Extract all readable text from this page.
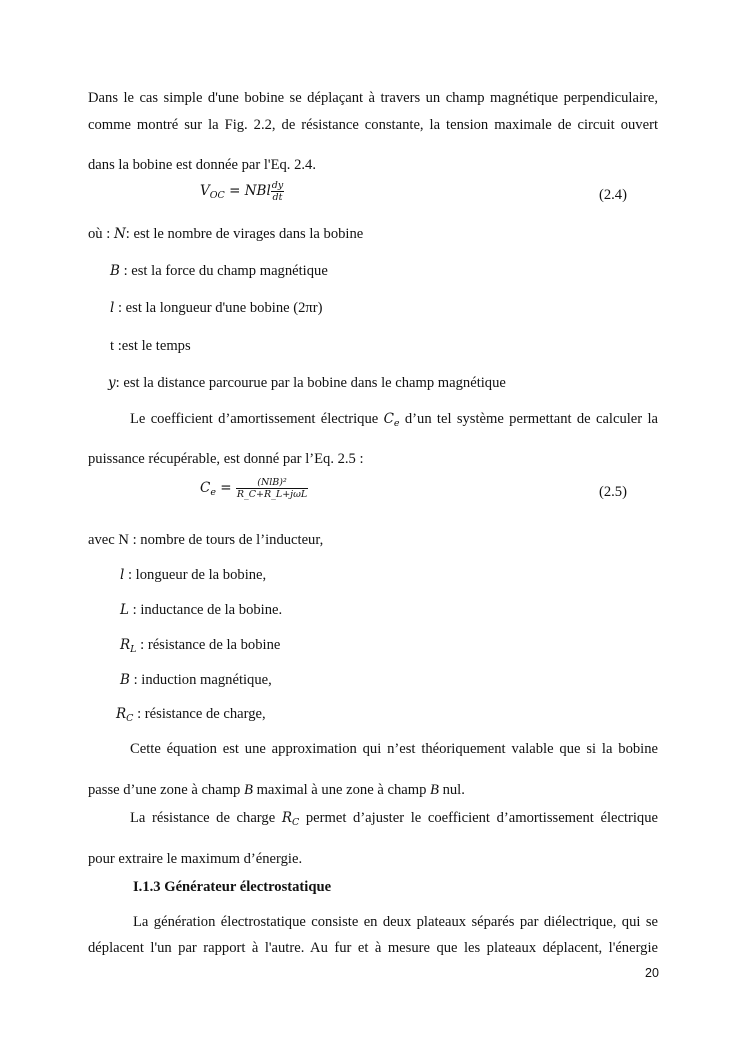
Dans le cas simple d'une bobine se déplaçant à travers un champ magnétique perpendiculaire,

comme montré sur la Fig. 2.2, de résistance constante, la tension maximale de circuit ouvert

dans la bobine est donnée par l'Eq. 2.4.

$V_{OC}$ = NBl $\frac{dy}{dt}$	(2.4)
où : N: est le nombre de virages dans la bobine
B : est la force du champ magnétique
l : est la longueur d'une bobine (2πr)
t :est le temps
y: est la distance parcourue par la bobine dans le champ magnétique

Le coefficient d’amortissement électrique $C_e$ d’un tel système permettant de calculer la

puissance récupérable, est donné par l’Eq. 2.5 :

$C_e = \frac{\text{(NlB)²}}{\text{R\_C+R\_L+jωL}}$	(2.5)
avec N : nombre de tours de l’inducteur,
l : longueur de la bobine,
L : inductance de la bobine.
$R_L$ : résistance de la bobine
B : induction magnétique,
$R_C$ : résistance de charge,

Cette équation est une approximation qui n’est théoriquement valable que si la bobine

passe d’une zone à champ B maximal à une zone à champ B nul.

La résistance de charge $R_C$ permet d’ajuster le coefficient d’amortissement électrique

pour extraire le maximum d’énergie.

I.1.3 Générateur électrostatique

La génération électrostatique consiste en deux plateaux séparés par diélectrique, qui se

déplacent l'un par rapport à l'autre. Au fur et à mesure que les plateaux déplacent, l'énergie

20
